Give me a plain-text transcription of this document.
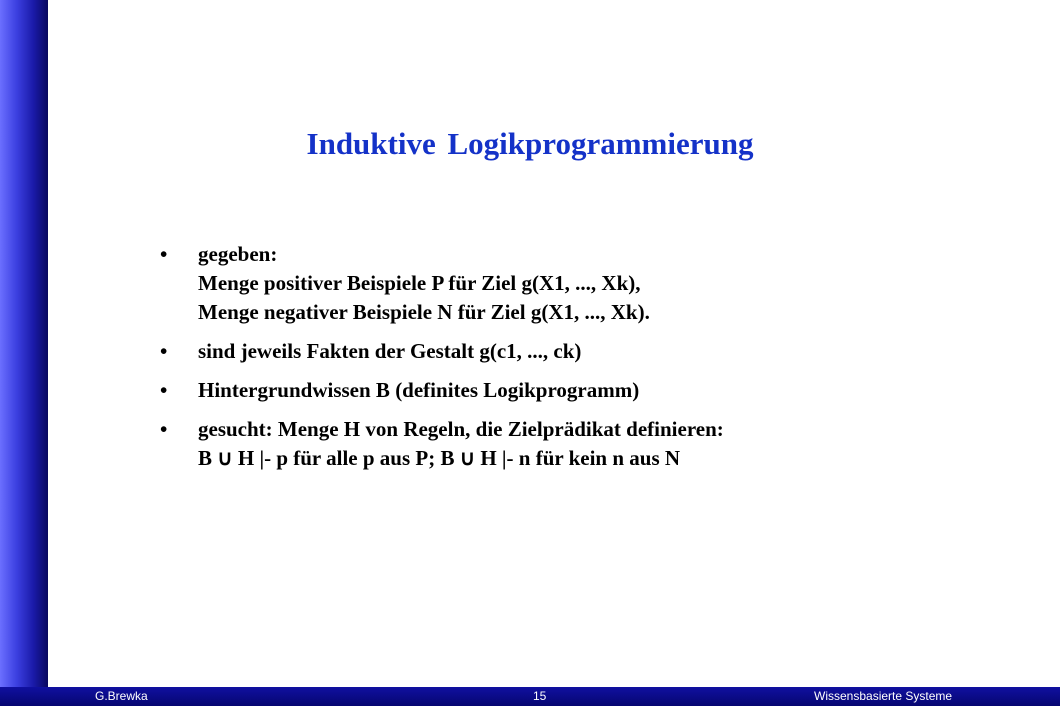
Induktive Logikprogrammierung
• gegeben:
Menge positiver Beispiele P für Ziel g(X1, ..., Xk),
Menge negativer Beispiele N für Ziel g(X1, ..., Xk).
• sind jeweils Fakten der Gestalt g(c1, ..., ck)
• Hintergrundwissen B (definites Logikprogramm)
• gesucht: Menge H von Regeln, die Zielprädikat definieren:
B ∪ H |- p für alle p aus P; B ∪ H |- n für kein n aus N
G.Brewka	15	Wissensbasierte Systeme
